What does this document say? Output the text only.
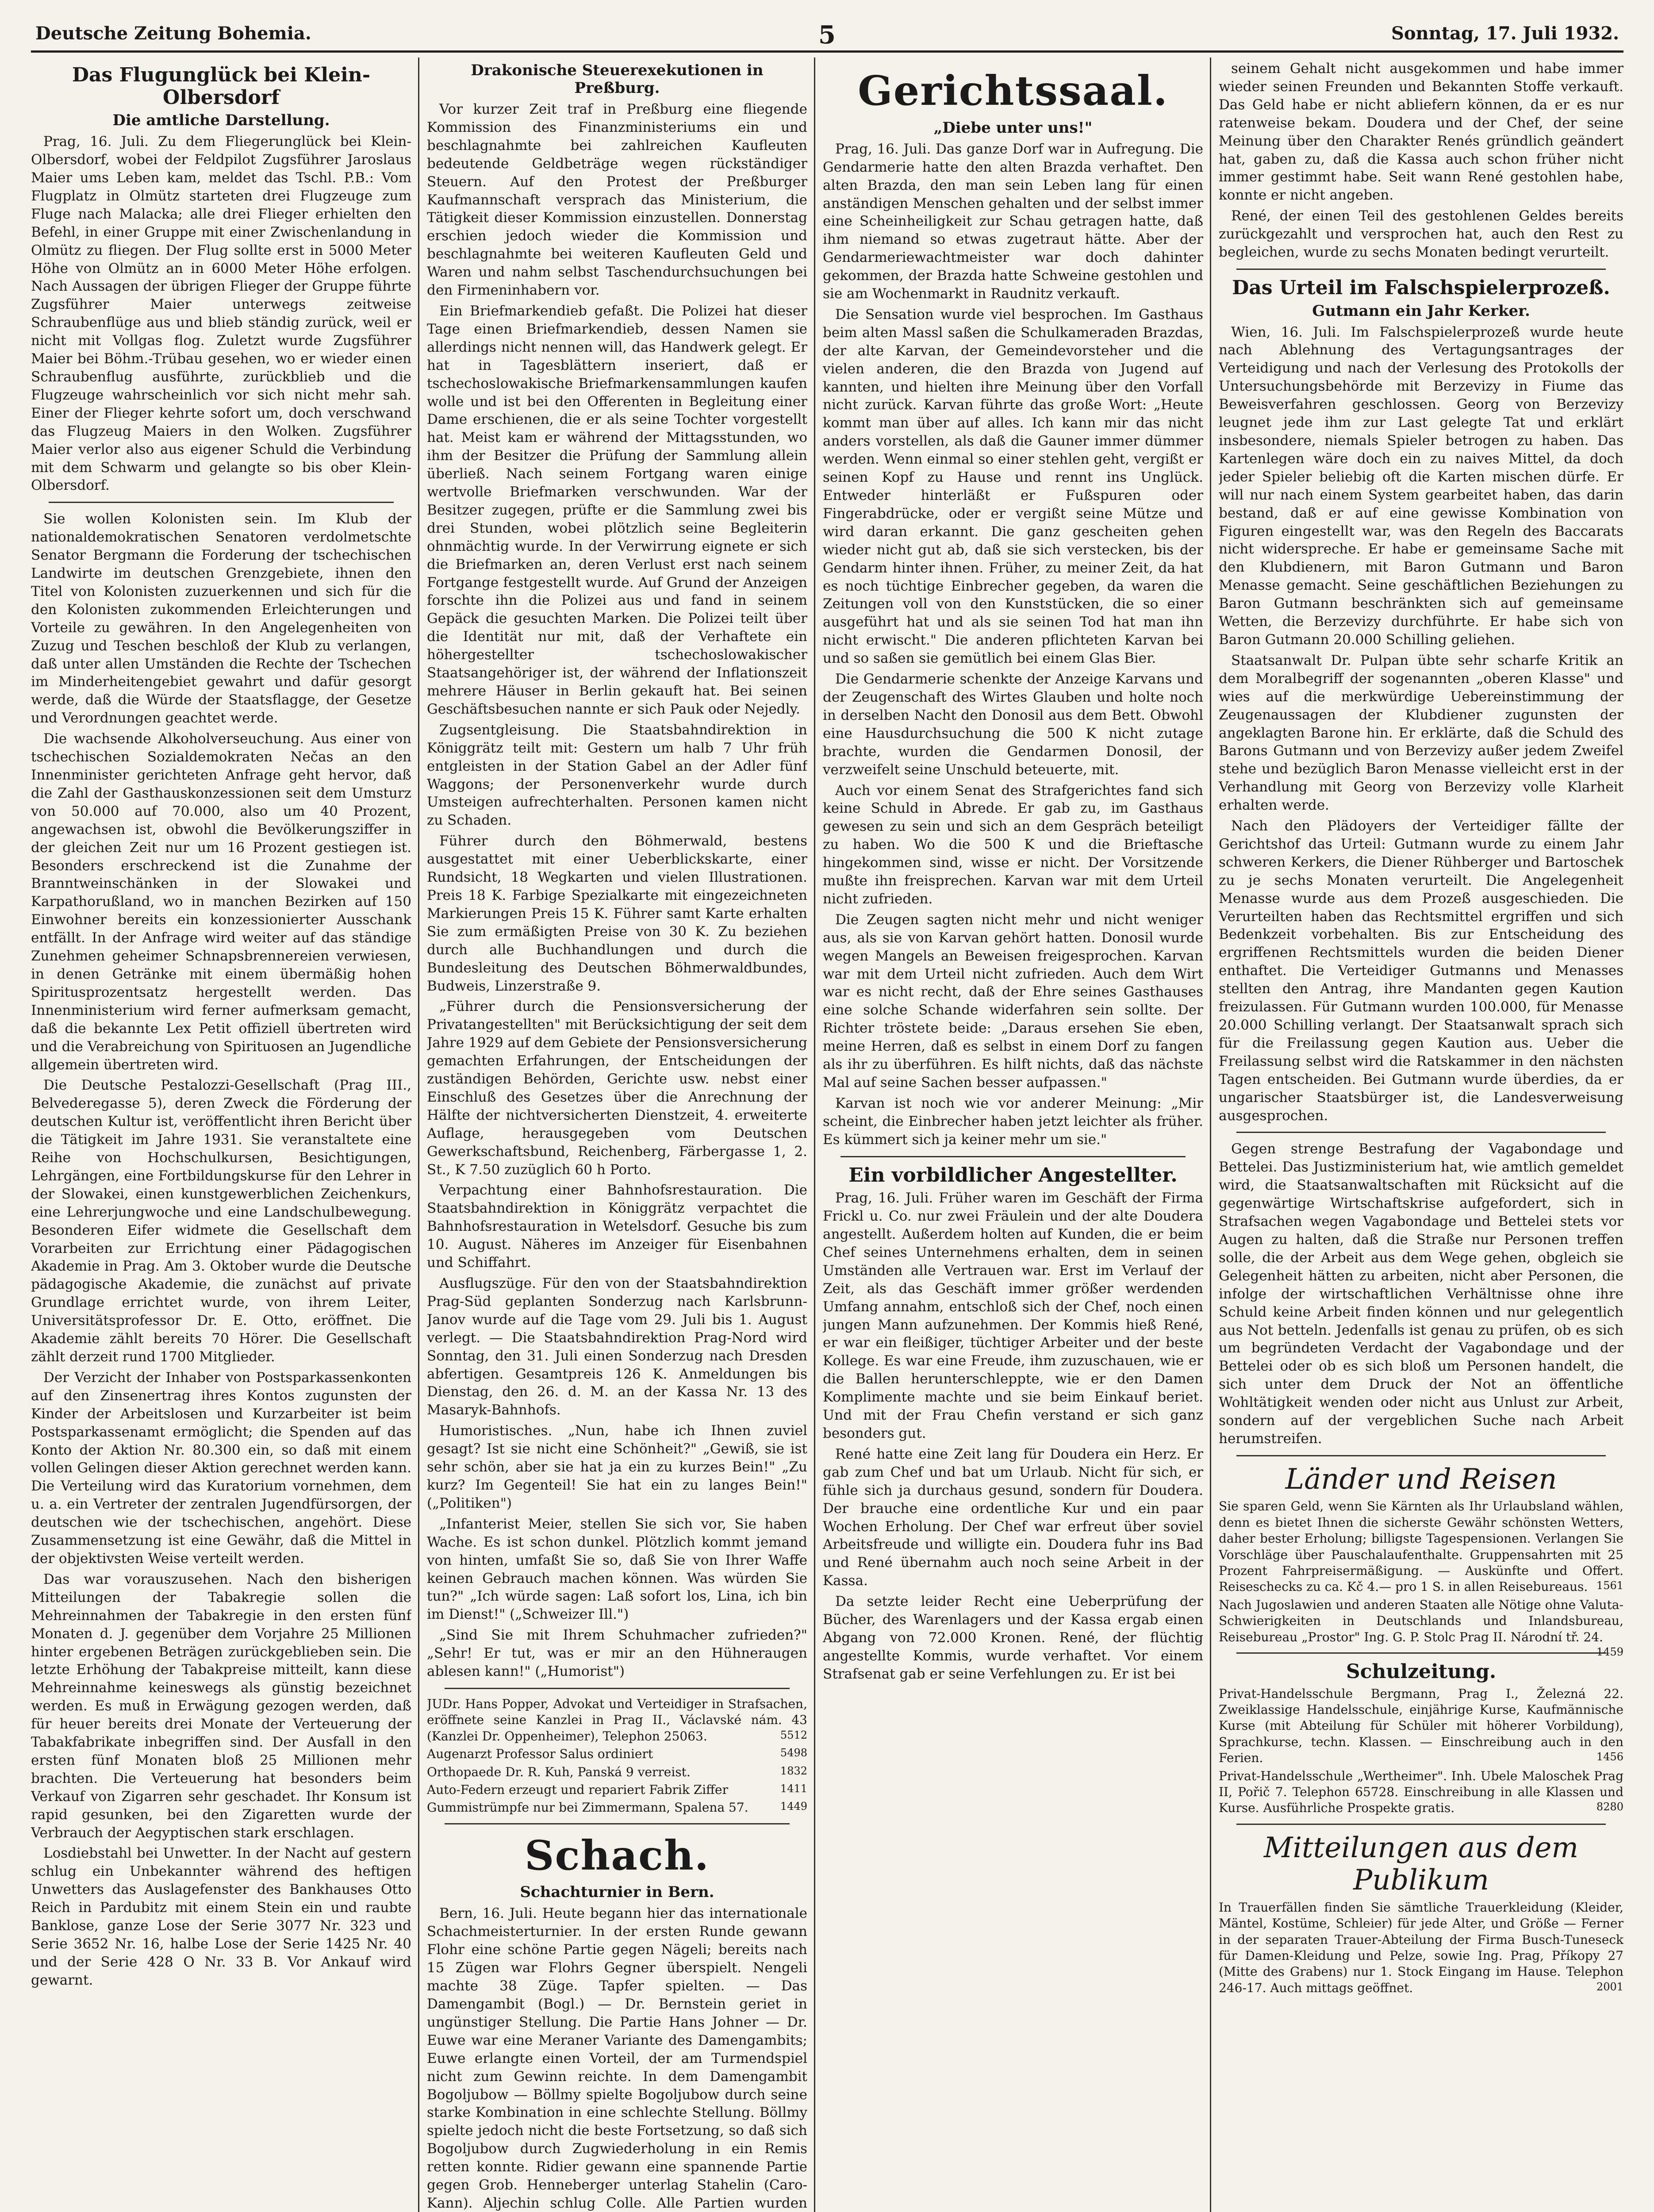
Deutsche Zeitung Bohemia.	5	Sonntag, 17. Juli 1932.
Das Flugunglück bei Klein-Olbersdorf
Die amtliche Darstellung.

Prag, 16. Juli. Zu dem Fliegerunglück bei Klein-Olbersdorf, wobei der Feldpilot Zugsführer Jaroslaus Maier ums Leben kam, meldet das Tschl. P.B.: Vom Flugplatz in Olmütz starteten drei Flugzeuge zum Fluge nach Malacka; alle drei Flieger erhielten den Befehl, in einer Gruppe mit einer Zwischenlandung in Olmütz zu fliegen. Der Flug sollte erst in 5000 Meter Höhe von Olmütz an in 6000 Meter Höhe erfolgen. Nach Aussagen der übrigen Flieger der Gruppe führte Zugsführer Maier unterwegs zeitweise Schraubenflüge aus und blieb ständig zurück, weil er nicht mit Vollgas flog. Zuletzt wurde Zugsführer Maier bei Böhm.-Trübau gesehen, wo er wieder einen Schraubenflug ausführte, zurückblieb und die Flugzeuge wahrscheinlich vor sich nicht mehr sah. Einer der Flieger kehrte sofort um, doch verschwand das Flugzeug Maiers in den Wolken. Zugsführer Maier verlor also aus eigener Schuld die Verbindung mit dem Schwarm und gelangte so bis ober Klein-Olbersdorf.

Sie wollen Kolonisten sein. Im Klub der nationaldemokratischen Senatoren verdolmetschte Senator Bergmann die Forderung der tschechischen Landwirte im deutschen Grenzgebiete, ihnen den Titel von Kolonisten zuzuerkennen und sich für die den Kolonisten zukommenden Erleichterungen und Vorteile zu gewähren. In den Angelegenheiten von Zuzug und Teschen beschloß der Klub zu verlangen, daß unter allen Umständen die Rechte der Tschechen im Minderheitengebiet gewahrt und dafür gesorgt werde, daß die Würde der Staatsflagge, der Gesetze und Verordnungen geachtet werde.

Die wachsende Alkoholverseuchung. Aus einer von tschechischen Sozialdemokraten Nečas an den Innenminister gerichteten Anfrage geht hervor, daß die Zahl der Gasthauskonzessionen seit dem Umsturz von 50.000 auf 70.000, also um 40 Prozent, angewachsen ist, obwohl die Bevölkerungsziffer in der gleichen Zeit nur um 16 Prozent gestiegen ist. Besonders erschreckend ist die Zunahme der Branntweinschänken in der Slowakei und Karpathorußland, wo in manchen Bezirken auf 150 Einwohner bereits ein konzessionierter Ausschank entfällt. In der Anfrage wird weiter auf das ständige Zunehmen geheimer Schnapsbrennereien verwiesen, in denen Getränke mit einem übermäßig hohen Spiritusprozentsatz hergestellt werden. Das Innenministerium wird ferner aufmerksam gemacht, daß die bekannte Lex Petit offiziell übertreten wird und die Verabreichung von Spirituosen an Jugendliche allgemein übertreten wird.

Die Deutsche Pestalozzi-Gesellschaft (Prag III., Belvederegasse 5), deren Zweck die Förderung der deutschen Kultur ist, veröffentlicht ihren Bericht über die Tätigkeit im Jahre 1931. Sie veranstaltete eine Reihe von Hochschulkursen, Besichtigungen, Lehrgängen, eine Fortbildungskurse für den Lehrer in der Slowakei, einen kunstgewerblichen Zeichenkurs, eine Lehrerjungwoche und eine Landschulbewegung. Besonderen Eifer widmete die Gesellschaft dem Vorarbeiten zur Errichtung einer Pädagogischen Akademie in Prag. Am 3. Oktober wurde die Deutsche pädagogische Akademie, die zunächst auf private Grundlage errichtet wurde, von ihrem Leiter, Universitätsprofessor Dr. E. Otto, eröffnet. Die Akademie zählt bereits 70 Hörer. Die Gesellschaft zählt derzeit rund 1700 Mitglieder.

Der Verzicht der Inhaber von Postsparkassenkonten auf den Zinsenertrag ihres Kontos zugunsten der Kinder der Arbeitslosen und Kurzarbeiter ist beim Postsparkassenamt ermöglicht; die Spenden auf das Konto der Aktion Nr. 80.300 ein, so daß mit einem vollen Gelingen dieser Aktion gerechnet werden kann. Die Verteilung wird das Kuratorium vornehmen, dem u. a. ein Vertreter der zentralen Jugendfürsorgen, der deutschen wie der tschechischen, angehört. Diese Zusammensetzung ist eine Gewähr, daß die Mittel in der objektivsten Weise verteilt werden.

Das war vorauszusehen. Nach den bisherigen Mitteilungen der Tabakregie sollen die Mehreinnahmen der Tabakregie in den ersten fünf Monaten d. J. gegenüber dem Vorjahre 25 Millionen hinter ergebenen Beträgen zurückgeblieben sein. Die letzte Erhöhung der Tabakpreise mitteilt, kann diese Mehreinnahme keineswegs als günstig bezeichnet werden. Es muß in Erwägung gezogen werden, daß für heuer bereits drei Monate der Verteuerung der Tabakfabrikate inbegriffen sind. Der Ausfall in den ersten fünf Monaten bloß 25 Millionen mehr brachten. Die Verteuerung hat besonders beim Verkauf von Zigarren sehr geschadet. Ihr Konsum ist rapid gesunken, bei den Zigaretten wurde der Verbrauch der Aegyptischen stark erschlagen.

Losdiebstahl bei Unwetter. In der Nacht auf gestern schlug ein Unbekannter während des heftigen Unwetters das Auslagefenster des Bankhauses Otto Reich in Pardubitz mit einem Stein ein und raubte Banklose, ganze Lose der Serie 3077 Nr. 323 und Serie 3652 Nr. 16, halbe Lose der Serie 1425 Nr. 40 und der Serie 428 O Nr. 33 B. Vor Ankauf wird gewarnt.

Drakonische Steuerexekutionen in Preßburg.

Vor kurzer Zeit traf in Preßburg eine fliegende Kommission des Finanzministeriums ein und beschlagnahmte bei zahlreichen Kaufleuten bedeutende Geldbeträge wegen rückständiger Steuern. Auf den Protest der Preßburger Kaufmannschaft versprach das Ministerium, die Tätigkeit dieser Kommission einzustellen. Donnerstag erschien jedoch wieder die Kommission und beschlagnahmte bei weiteren Kaufleuten Geld und Waren und nahm selbst Taschendurchsuchungen bei den Firmeninhabern vor.

Ein Briefmarkendieb gefaßt. Die Polizei hat dieser Tage einen Briefmarkendieb, dessen Namen sie allerdings nicht nennen will, das Handwerk gelegt. Er hat in Tagesblättern inseriert, daß er tschechoslowakische Briefmarkensammlungen kaufen wolle und ist bei den Offerenten in Begleitung einer Dame erschienen, die er als seine Tochter vorgestellt hat. Meist kam er während der Mittagsstunden, wo ihm der Besitzer die Prüfung der Sammlung allein überließ. Nach seinem Fortgang waren einige wertvolle Briefmarken verschwunden. War der Besitzer zugegen, prüfte er die Sammlung zwei bis drei Stunden, wobei plötzlich seine Begleiterin ohnmächtig wurde. In der Verwirrung eignete er sich die Briefmarken an, deren Verlust erst nach seinem Fortgange festgestellt wurde. Auf Grund der Anzeigen forschte ihn die Polizei aus und fand in seinem Gepäck die gesuchten Marken. Die Polizei teilt über die Identität nur mit, daß der Verhaftete ein höhergestellter tschechoslowakischer Staatsangehöriger ist, der während der Inflationszeit mehrere Häuser in Berlin gekauft hat. Bei seinen Geschäftsbesuchen nannte er sich Pauk oder Nejedly.

Zugsentgleisung. Die Staatsbahndirektion in Königgrätz teilt mit: Gestern um halb 7 Uhr früh entgleisten in der Station Gabel an der Adler fünf Waggons; der Personenverkehr wurde durch Umsteigen aufrechterhalten. Personen kamen nicht zu Schaden.

Führer durch den Böhmerwald, bestens ausgestattet mit einer Ueberblickskarte, einer Rundsicht, 18 Wegkarten und vielen Illustrationen. Preis 18 K. Farbige Spezialkarte mit eingezeichneten Markierungen Preis 15 K. Führer samt Karte erhalten Sie zum ermäßigten Preise von 30 K. Zu beziehen durch alle Buchhandlungen und durch die Bundesleitung des Deutschen Böhmerwaldbundes, Budweis, Linzerstraße 9.

„Führer durch die Pensionsversicherung der Privatangestellten" mit Berücksichtigung der seit dem Jahre 1929 auf dem Gebiete der Pensionsversicherung gemachten Erfahrungen, der Entscheidungen der zuständigen Behörden, Gerichte usw. nebst einer Einschluß des Gesetzes über die Anrechnung der Hälfte der nichtversicherten Dienstzeit, 4. erweiterte Auflage, herausgegeben vom Deutschen Gewerkschaftsbund, Reichenberg, Färbergasse 1, 2. St., K 7.50 zuzüglich 60 h Porto.

Verpachtung einer Bahnhofsrestauration. Die Staatsbahndirektion in Königgrätz verpachtet die Bahnhofsrestauration in Wetelsdorf. Gesuche bis zum 10. August. Näheres im Anzeiger für Eisenbahnen und Schiffahrt.

Ausflugszüge. Für den von der Staatsbahndirektion Prag-Süd geplanten Sonderzug nach Karlsbrunn-Janov wurde auf die Tage vom 29. Juli bis 1. August verlegt. — Die Staatsbahndirektion Prag-Nord wird Sonntag, den 31. Juli einen Sonderzug nach Dresden abfertigen. Gesamtpreis 126 K. Anmeldungen bis Dienstag, den 26. d. M. an der Kassa Nr. 13 des Masaryk-Bahnhofs.

Humoristisches. „Nun, habe ich Ihnen zuviel gesagt? Ist sie nicht eine Schönheit?" „Gewiß, sie ist sehr schön, aber sie hat ja ein zu kurzes Bein!" „Zu kurz? Im Gegenteil! Sie hat ein zu langes Bein!" („Politiken")

„Infanterist Meier, stellen Sie sich vor, Sie haben Wache. Es ist schon dunkel. Plötzlich kommt jemand von hinten, umfaßt Sie so, daß Sie von Ihrer Waffe keinen Gebrauch machen können. Was würden Sie tun?" „Ich würde sagen: Laß sofort los, Lina, ich bin im Dienst!" („Schweizer Ill.")

„Sind Sie mit Ihrem Schuhmacher zufrieden?" „Sehr! Er tut, was er mir an den Hühneraugen ablesen kann!" („Humorist")

JUDr. Hans Popper, Advokat und Verteidiger in Strafsachen, eröffnete seine Kanzlei in Prag II., Václavské nám. 43 (Kanzlei Dr. Oppenheimer), Telephon 25063.	5512
Augenarzt Professor Salus ordiniert	5498
Orthopaede Dr. R. Kuh, Panská 9 verreist.	1832
Auto-Federn erzeugt und repariert Fabrik Ziffer	1411
Gummistrümpfe nur bei Zimmermann, Spalena 57.	1449
Schach.
Schachturnier in Bern.

Bern, 16. Juli. Heute begann hier das internationale Schachmeisterturnier. In der ersten Runde gewann Flohr eine schöne Partie gegen Nägeli; bereits nach 15 Zügen war Flohrs Gegner überspielt. Nengeli machte 38 Züge. Tapfer spielten. — Das Damengambit (Bogl.) — Dr. Bernstein geriet in ungünstiger Stellung. Die Partie Hans Johner — Dr. Euwe war eine Meraner Variante des Damengambits; Euwe erlangte einen Vorteil, der am Turmendspiel nicht zum Gewinn reichte. In dem Damengambit Bogoljubow — Böllmy spielte Bogoljubow durch seine starke Kombination in eine schlechte Stellung. Böllmy spielte jedoch nicht die beste Fortsetzung, so daß sich Bogoljubow durch Zugwiederholung in ein Remis retten konnte. Ridier gewann eine spannende Partie gegen Grob. Henneberger unterlag Stahelin (Caro-Kann). Aljechin schlug Colle. Alle Partien wurden

Gerichtssaal.
„Diebe unter uns!"

Prag, 16. Juli. Das ganze Dorf war in Aufregung. Die Gendarmerie hatte den alten Brazda verhaftet. Den alten Brazda, den man sein Leben lang für einen anständigen Menschen gehalten und der selbst immer eine Scheinheiligkeit zur Schau getragen hatte, daß ihm niemand so etwas zugetraut hätte. Aber der Gendarmeriewachtmeister war doch dahinter gekommen, der Brazda hatte Schweine gestohlen und sie am Wochenmarkt in Raudnitz verkauft.

Die Sensation wurde viel besprochen. Im Gasthaus beim alten Massl saßen die Schulkameraden Brazdas, der alte Karvan, der Gemeindevorsteher und die vielen anderen, die den Brazda von Jugend auf kannten, und hielten ihre Meinung über den Vorfall nicht zurück. Karvan führte das große Wort: „Heute kommt man über auf alles. Ich kann mir das nicht anders vorstellen, als daß die Gauner immer dümmer werden. Wenn einmal so einer stehlen geht, vergißt er seinen Kopf zu Hause und rennt ins Unglück. Entweder hinterläßt er Fußspuren oder Fingerabdrücke, oder er vergißt seine Mütze und wird daran erkannt. Die ganz gescheiten gehen wieder nicht gut ab, daß sie sich verstecken, bis der Gendarm hinter ihnen. Früher, zu meiner Zeit, da hat es noch tüchtige Einbrecher gegeben, da waren die Zeitungen voll von den Kunststücken, die so einer ausgeführt hat und als sie seinen Tod hat man ihn nicht erwischt." Die anderen pflichteten Karvan bei und so saßen sie gemütlich bei einem Glas Bier.

Die Gendarmerie schenkte der Anzeige Karvans und der Zeugenschaft des Wirtes Glauben und holte noch in derselben Nacht den Donosil aus dem Bett. Obwohl eine Hausdurchsuchung die 500 K nicht zutage brachte, wurden die Gendarmen Donosil, der verzweifelt seine Unschuld beteuerte, mit.

Auch vor einem Senat des Strafgerichtes fand sich keine Schuld in Abrede. Er gab zu, im Gasthaus gewesen zu sein und sich an dem Gespräch beteiligt zu haben. Wo die 500 K und die Brieftasche hingekommen sind, wisse er nicht. Der Vorsitzende mußte ihn freisprechen. Karvan war mit dem Urteil nicht zufrieden.

Die Zeugen sagten nicht mehr und nicht weniger aus, als sie von Karvan gehört hatten. Donosil wurde wegen Mangels an Beweisen freigesprochen. Karvan war mit dem Urteil nicht zufrieden. Auch dem Wirt war es nicht recht, daß der Ehre seines Gasthauses eine solche Schande widerfahren sein sollte. Der Richter tröstete beide: „Daraus ersehen Sie eben, meine Herren, daß es selbst in einem Dorf zu fangen als ihr zu überführen. Es hilft nichts, daß das nächste Mal auf seine Sachen besser aufpassen."

Karvan ist noch wie vor anderer Meinung: „Mir scheint, die Einbrecher haben jetzt leichter als früher. Es kümmert sich ja keiner mehr um sie."

Ein vorbildlicher Angestellter.

Prag, 16. Juli. Früher waren im Geschäft der Firma Frickl u. Co. nur zwei Fräulein und der alte Doudera angestellt. Außerdem holten auf Kunden, die er beim Chef seines Unternehmens erhalten, dem in seinen Umständen alle Vertrauen war. Erst im Verlauf der Zeit, als das Geschäft immer größer werdenden Umfang annahm, entschloß sich der Chef, noch einen jungen Mann aufzunehmen. Der Kommis hieß René, er war ein fleißiger, tüchtiger Arbeiter und der beste Kollege. Es war eine Freude, ihm zuzuschauen, wie er die Ballen herunterschleppte, wie er den Damen Komplimente machte und sie beim Einkauf beriet. Und mit der Frau Chefin verstand er sich ganz besonders gut.

René hatte eine Zeit lang für Doudera ein Herz. Er gab zum Chef und bat um Urlaub. Nicht für sich, er fühle sich ja durchaus gesund, sondern für Doudera. Der brauche eine ordentliche Kur und ein paar Wochen Erholung. Der Chef war erfreut über soviel Arbeitsfreude und willigte ein. Doudera fuhr ins Bad und René übernahm auch noch seine Arbeit in der Kassa.

Da setzte leider Recht eine Ueberprüfung der Bücher, des Warenlagers und der Kassa ergab einen Abgang von 72.000 Kronen. René, der flüchtig angestellte Kommis, wurde verhaftet. Vor einem Strafsenat gab er seine Verfehlungen zu. Er ist bei

seinem Gehalt nicht ausgekommen und habe immer wieder seinen Freunden und Bekannten Stoffe verkauft. Das Geld habe er nicht abliefern können, da er es nur ratenweise bekam. Doudera und der Chef, der seine Meinung über den Charakter Renés gründlich geändert hat, gaben zu, daß die Kassa auch schon früher nicht immer gestimmt habe. Seit wann René gestohlen habe, konnte er nicht angeben.

René, der einen Teil des gestohlenen Geldes bereits zurückgezahlt und versprochen hat, auch den Rest zu begleichen, wurde zu sechs Monaten bedingt verurteilt.

Das Urteil im Falschspielerprozeß.
Gutmann ein Jahr Kerker.

Wien, 16. Juli. Im Falschspielerprozeß wurde heute nach Ablehnung des Vertagungsantrages der Verteidigung und nach der Verlesung des Protokolls der Untersuchungsbehörde mit Berzevizy in Fiume das Beweisverfahren geschlossen. Georg von Berzevizy leugnet jede ihm zur Last gelegte Tat und erklärt insbesondere, niemals Spieler betrogen zu haben. Das Kartenlegen wäre doch ein zu naives Mittel, da doch jeder Spieler beliebig oft die Karten mischen dürfe. Er will nur nach einem System gearbeitet haben, das darin bestand, daß er auf eine gewisse Kombination von Figuren eingestellt war, was den Regeln des Baccarats nicht widerspreche. Er habe er gemeinsame Sache mit den Klubdienern, mit Baron Gutmann und Baron Menasse gemacht. Seine geschäftlichen Beziehungen zu Baron Gutmann beschränkten sich auf gemeinsame Wetten, die Berzevizy durchführte. Er habe sich von Baron Gutmann 20.000 Schilling geliehen.

Staatsanwalt Dr. Pulpan übte sehr scharfe Kritik an dem Moralbegriff der sogenannten „oberen Klasse" und wies auf die merkwürdige Uebereinstimmung der Zeugenaussagen der Klubdiener zugunsten der angeklagten Barone hin. Er erklärte, daß die Schuld des Barons Gutmann und von Berzevizy außer jedem Zweifel stehe und bezüglich Baron Menasse vielleicht erst in der Verhandlung mit Georg von Berzevizy volle Klarheit erhalten werde.

Nach den Plädoyers der Verteidiger fällte der Gerichtshof das Urteil: Gutmann wurde zu einem Jahr schweren Kerkers, die Diener Rühberger und Bartoschek zu je sechs Monaten verurteilt. Die Angelegenheit Menasse wurde aus dem Prozeß ausgeschieden. Die Verurteilten haben das Rechtsmittel ergriffen und sich Bedenkzeit vorbehalten. Bis zur Entscheidung des ergriffenen Rechtsmittels wurden die beiden Diener enthaftet. Die Verteidiger Gutmanns und Menasses stellten den Antrag, ihre Mandanten gegen Kaution freizulassen. Für Gutmann wurden 100.000, für Menasse 20.000 Schilling verlangt. Der Staatsanwalt sprach sich für die Freilassung gegen Kaution aus. Ueber die Freilassung selbst wird die Ratskammer in den nächsten Tagen entscheiden. Bei Gutmann wurde überdies, da er ungarischer Staatsbürger ist, die Landesverweisung ausgesprochen.

Gegen strenge Bestrafung der Vagabondage und Bettelei. Das Justizministerium hat, wie amtlich gemeldet wird, die Staatsanwaltschaften mit Rücksicht auf die gegenwärtige Wirtschaftskrise aufgefordert, sich in Strafsachen wegen Vagabondage und Bettelei stets vor Augen zu halten, daß die Straße nur Personen treffen solle, die der Arbeit aus dem Wege gehen, obgleich sie Gelegenheit hätten zu arbeiten, nicht aber Personen, die infolge der wirtschaftlichen Verhältnisse ohne ihre Schuld keine Arbeit finden können und nur gelegentlich aus Not betteln. Jedenfalls ist genau zu prüfen, ob es sich um begründeten Verdacht der Vagabondage und der Bettelei oder ob es sich bloß um Personen handelt, die sich unter dem Druck der Not an öffentliche Wohltätigkeit wenden oder nicht aus Unlust zur Arbeit, sondern auf der vergeblichen Suche nach Arbeit herumstreifen.

Länder und Reisen
Sie sparen Geld, wenn Sie Kärnten als Ihr Urlaubsland wählen, denn es bietet Ihnen die sicherste Gewähr schönsten Wetters, daher bester Erholung; billigste Tagespensionen. Verlangen Sie Vorschläge über Pauschalaufenthalte. Gruppensahrten mit 25 Prozent Fahrpreisermäßigung. — Auskünfte und Offert. Reiseschecks zu ca. Kč 4.— pro 1 S. in allen Reisebureaus. 1561
Nach Jugoslawien und anderen Staaten alle Nötige ohne Valuta-Schwierigkeiten in Deutschlands und Inlandsbureau, Reisebureau „Prostor" Ing. G. P. Stolc Prag II. Národní tř. 24.
1459
Schulzeitung.
Privat-Handelsschule Bergmann, Prag I., Železná 22. Zweiklassige Handelsschule, einjährige Kurse, Kaufmännische Kurse (mit Abteilung für Schüler mit höherer Vorbildung), Sprachkurse, techn. Klassen. — Einschreibung auch in den Ferien.	1456
Privat-Handelsschule „Wertheimer". Inh. Ubele Maloschek Prag II, Pořič 7. Telephon 65728. Einschreibung in alle Klassen und Kurse. Ausführliche Prospekte gratis.	8280
Mitteilungen aus dem Publikum
In Trauerfällen finden Sie sämtliche Trauerkleidung (Kleider, Mäntel, Kostüme, Schleier) für jede Alter, und Größe — Ferner in der separaten Trauer-Abteilung der Firma Busch-Tuneseck für Damen-Kleidung und Pelze, sowie Ing. Prag, Příkopy 27 (Mitte des Grabens) nur 1. Stock Eingang im Hause. Telephon 246-17. Auch mittags geöffnet.	2001
